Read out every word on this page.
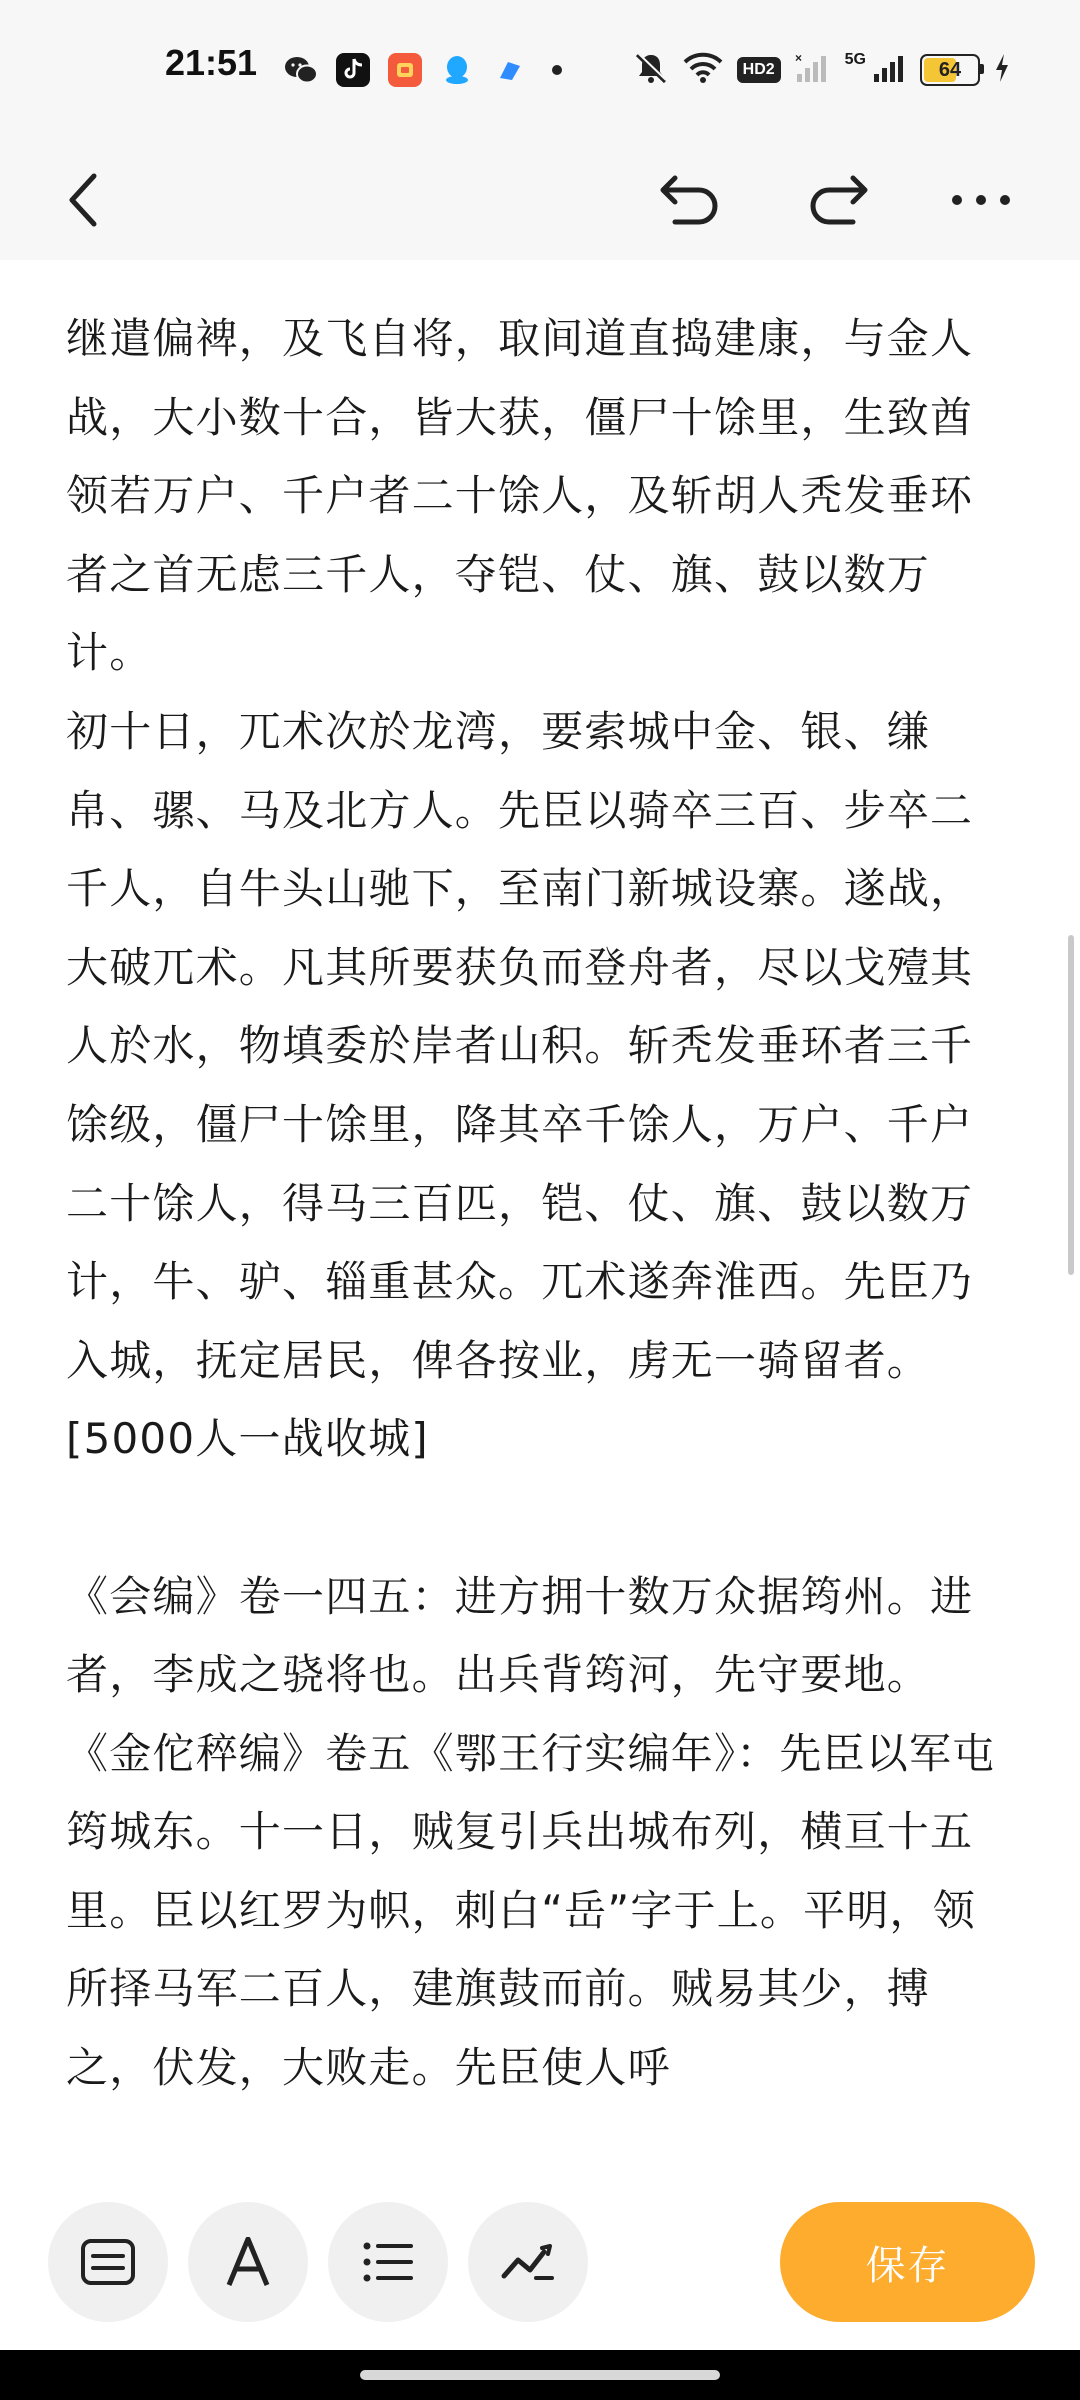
21:51	HD2
×	5G	64

继遣偏裨，及飞自将，取间道直捣建康，与金人战，大小数十合，皆大获，僵尸十馀里，生致酋领若万户、千户者二十馀人，及斩胡人秃发垂环者之首无虑三千人，夺铠、仗、旗、鼓以数万计。

初十日，兀术次於龙湾，要索城中金、银、缣帛、骡、马及北方人。先臣以骑卒三百、步卒二千人，自牛头山驰下，至南门新城设寨。遂战，大破兀术。凡其所要获负而登舟者，尽以戈殪其人於水，物填委於岸者山积。斩秃发垂环者三千馀级，僵尸十馀里，降其卒千馀人，万户、千户二十馀人，得马三百匹，铠、仗、旗、鼓以数万计，牛、驴、辎重甚众。兀术遂奔淮西。先臣乃入城，抚定居民，俾各按业，虏无一骑留者。[5000人一战收城]

《会编》卷一四五：进方拥十数万众据筠州。进者，李成之骁将也。出兵背筠河，先守要地。

《金佗稡编》卷五《鄂王行实编年》：先臣以军屯筠城东。十一日，贼复引兵出城布列，横亘十五里。臣以红罗为帜，刺白“岳”字于上。平明，领所择马军二百人，建旗鼓而前。贼易其少，搏之，伏发，大败走。先臣使人呼

保存
